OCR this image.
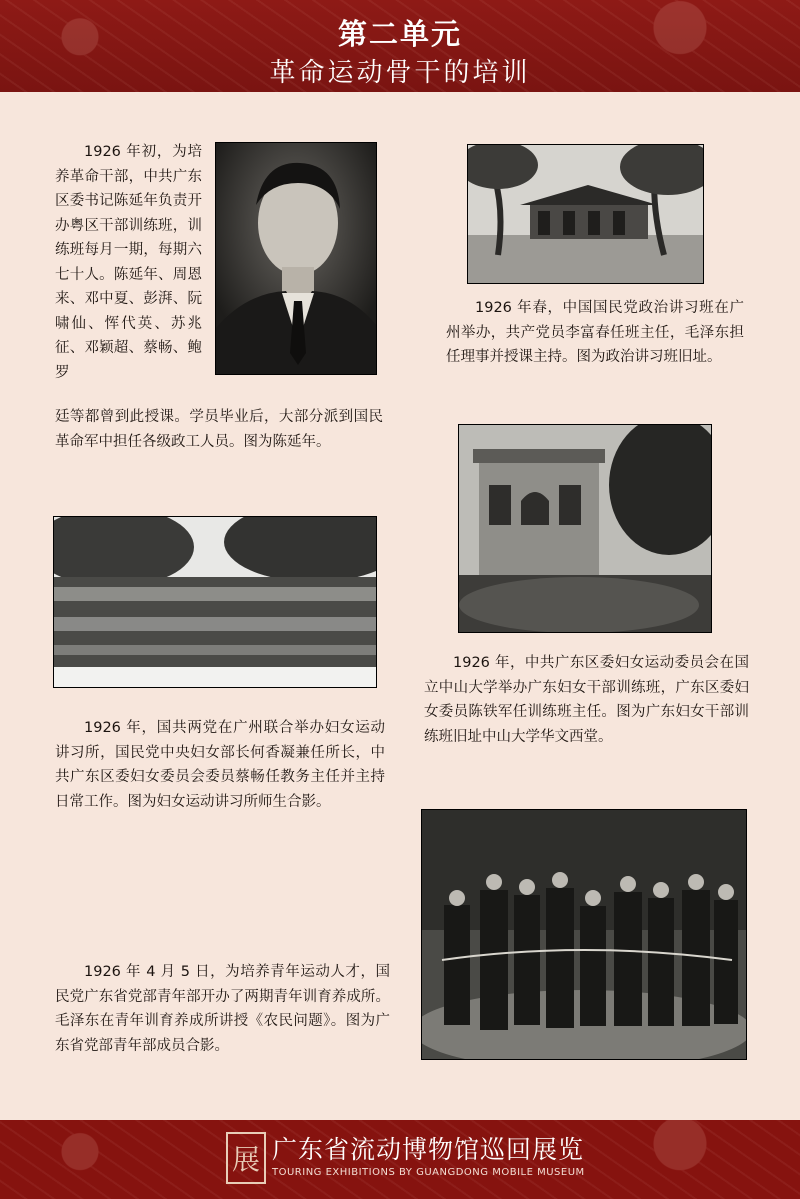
第二单元
革命运动骨干的培训
1926 年初，为培养革命干部，中共广东区委书记陈延年负责开办粤区干部训练班，训练班每月一期，每期六七十人。陈延年、周恩来、邓中夏、彭湃、阮啸仙、恽代英、苏兆征、邓颖超、蔡畅、鲍罗
廷等都曾到此授课。学员毕业后，大部分派到国民革命军中担任各级政工人员。图为陈延年。
1926 年春，中国国民党政治讲习班在广州举办，共产党员李富春任班主任，毛泽东担任理事并授课主持。图为政治讲习班旧址。
1926 年，国共两党在广州联合举办妇女运动讲习所，国民党中央妇女部长何香凝兼任所长，中共广东区委妇女委员会委员蔡畅任教务主任并主持日常工作。图为妇女运动讲习所师生合影。
1926 年，中共广东区委妇女运动委员会在国立中山大学举办广东妇女干部训练班，广东区委妇女委员陈铁军任训练班主任。图为广东妇女干部训练班旧址中山大学华文西堂。
1926 年 4 月 5 日，为培养青年运动人才，国民党广东省党部青年部开办了两期青年训育养成所。毛泽东在青年训育养成所讲授《农民问题》。图为广东省党部青年部成员合影。
展 广东省流动博物馆巡回展览
TOURING EXHIBITIONS BY GUANGDONG MOBILE MUSEUM
